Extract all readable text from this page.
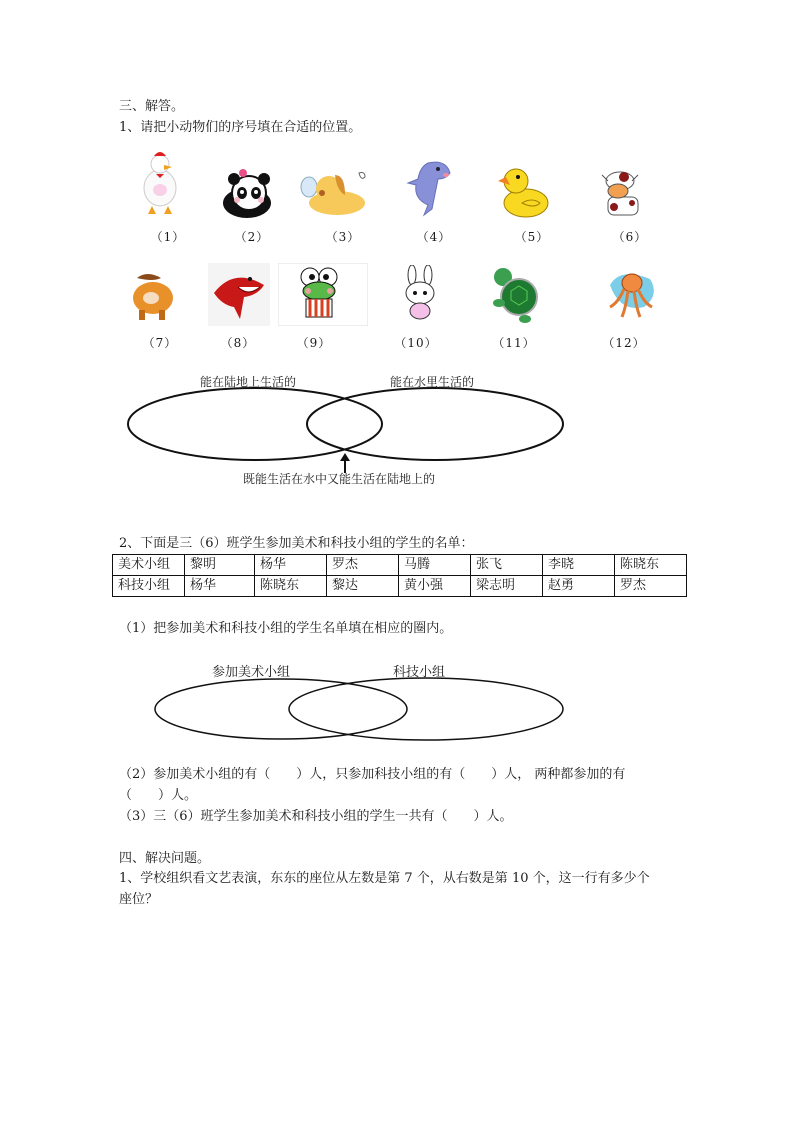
三、解答。
1、请把小动物们的序号填在合适的位置。
（1）	（2）	（3）	（4）	（5）	（6）
（7）	（8）	（9）	（10）	（11）	（12）
能在陆地上生活的	能在水里生活的
既能生活在水中又能生活在陆地上的
2、下面是三（6）班学生参加美术和科技小组的学生的名单：
美术小组	黎明	杨华	罗杰	马腾	张飞	李晓	陈晓东
科技小组	杨华	陈晓东	黎达	黄小强	梁志明	赵勇	罗杰
（1）把参加美术和科技小组的学生名单填在相应的圈内。
参加美术小组	科技小组
（2）参加美术小组的有（　　）人，只参加科技小组的有（　　）人， 两种都参加的有
（　　）人。
（3）三（6）班学生参加美术和科技小组的学生一共有（　　）人。
四、解决问题。
1、学校组织看文艺表演，东东的座位从左数是第 7 个，从右数是第 10 个，这一行有多少个
座位？
